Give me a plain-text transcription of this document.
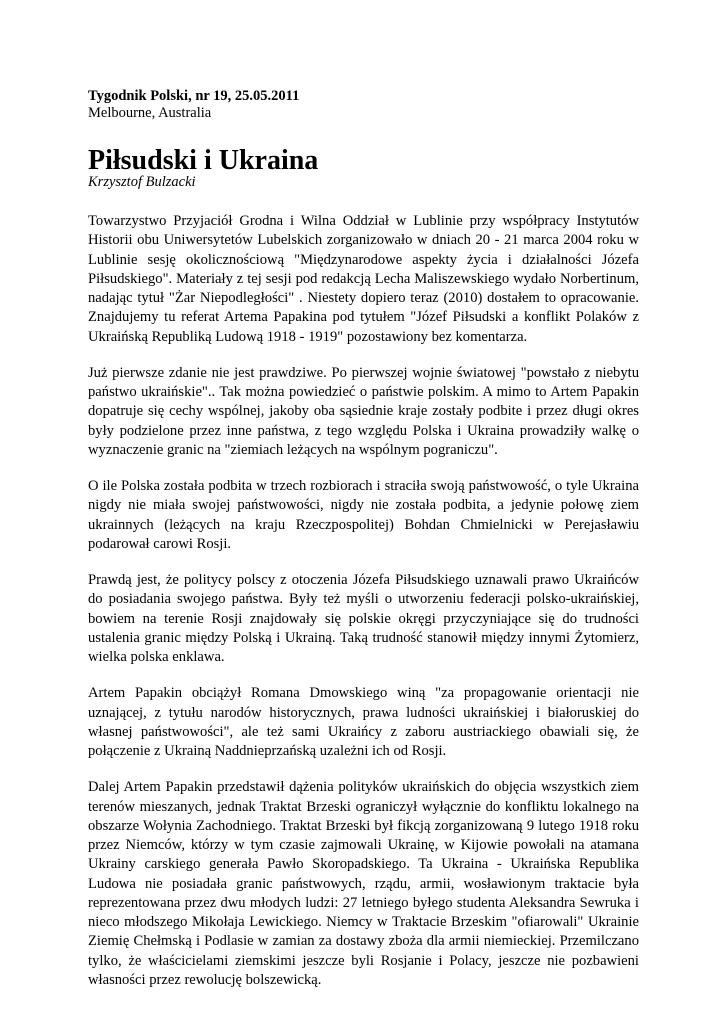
Tygodnik Polski, nr 19, 25.05.2011
Melbourne, Australia
Piłsudski i Ukraina
Krzysztof Bulzacki

Towarzystwo Przyjaciół Grodna i Wilna Oddział w Lublinie przy współpracy Instytutów Historii obu Uniwersytetów Lubelskich zorganizowało w dniach 20 - 21 marca 2004 roku w Lublinie sesję okolicznościową "Międzynarodowe aspekty życia i działalności Józefa Piłsudskiego". Materiały z tej sesji pod redakcją Lecha Maliszewskiego wydało Norbertinum, nadając tytuł "Żar Niepodległości" . Niestety dopiero teraz (2010) dostałem to opracowanie. Znajdujemy tu referat Artema Papakina pod tytułem "Józef Piłsudski a konflikt Polaków z Ukraińską Republiką Ludową 1918 - 1919" pozostawiony bez komentarza.

Już pierwsze zdanie nie jest prawdziwe. Po pierwszej wojnie światowej "powstało z niebytu państwo ukraińskie".. Tak można powiedzieć o państwie polskim. A mimo to Artem Papakin dopatruje się cechy wspólnej, jakoby oba sąsiednie kraje zostały podbite i przez długi okres były podzielone przez inne państwa, z tego względu Polska i Ukraina prowadziły walkę o wyznaczenie granic na "ziemiach leżących na wspólnym pograniczu".

O ile Polska została podbita w trzech rozbiorach i straciła swoją państwowość, o tyle Ukraina nigdy nie miała swojej państwowości, nigdy nie została podbita, a jedynie połowę ziem ukrainnych (leżących na kraju Rzeczpospolitej) Bohdan Chmielnicki w Perejasławiu podarował carowi Rosji.

Prawdą jest, że politycy polscy z otoczenia Józefa Piłsudskiego uznawali prawo Ukraińców do posiadania swojego państwa. Były też myśli o utworzeniu federacji polsko-ukraińskiej, bowiem na terenie Rosji znajdowały się polskie okręgi przyczyniające się do trudności ustalenia granic między Polską i Ukrainą. Taką trudność stanowił między innymi Żytomierz, wielka polska enklawa.

Artem Papakin obciążył Romana Dmowskiego winą "za propagowanie orientacji nie uznającej, z tytułu narodów historycznych, prawa ludności ukraińskiej i białoruskiej do własnej państwowości", ale też sami Ukraińcy z zaboru austriackiego obawiali się, że połączenie z Ukrainą Naddnieprzańską uzależni ich od Rosji.

Dalej Artem Papakin przedstawił dążenia polityków ukraińskich do objęcia wszystkich ziem terenów mieszanych, jednak Traktat Brzeski ograniczył wyłącznie do konfliktu lokalnego na obszarze Wołynia Zachodniego. Traktat Brzeski był fikcją zorganizowaną 9 lutego 1918 roku przez Niemców, którzy w tym czasie zajmowali Ukrainę, w Kijowie powołali na atamana Ukrainy carskiego generała Pawło Skoropadskiego. Ta Ukraina - Ukraińska Republika Ludowa nie posiadała granic państwowych, rządu, armii, wosławionym traktacie była reprezentowana przez dwu młodych ludzi: 27 letniego byłego studenta Aleksandra Sewruka i nieco młodszego Mikołaja Lewickiego. Niemcy w Traktacie Brzeskim "ofiarowali" Ukrainie Ziemię Chełmską i Podlasie w zamian za dostawy zboża dla armii niemieckiej. Przemilczano tylko, że właścicielami ziemskimi jeszcze byli Rosjanie i Polacy, jeszcze nie pozbawieni własności przez rewolucję bolszewicką.
